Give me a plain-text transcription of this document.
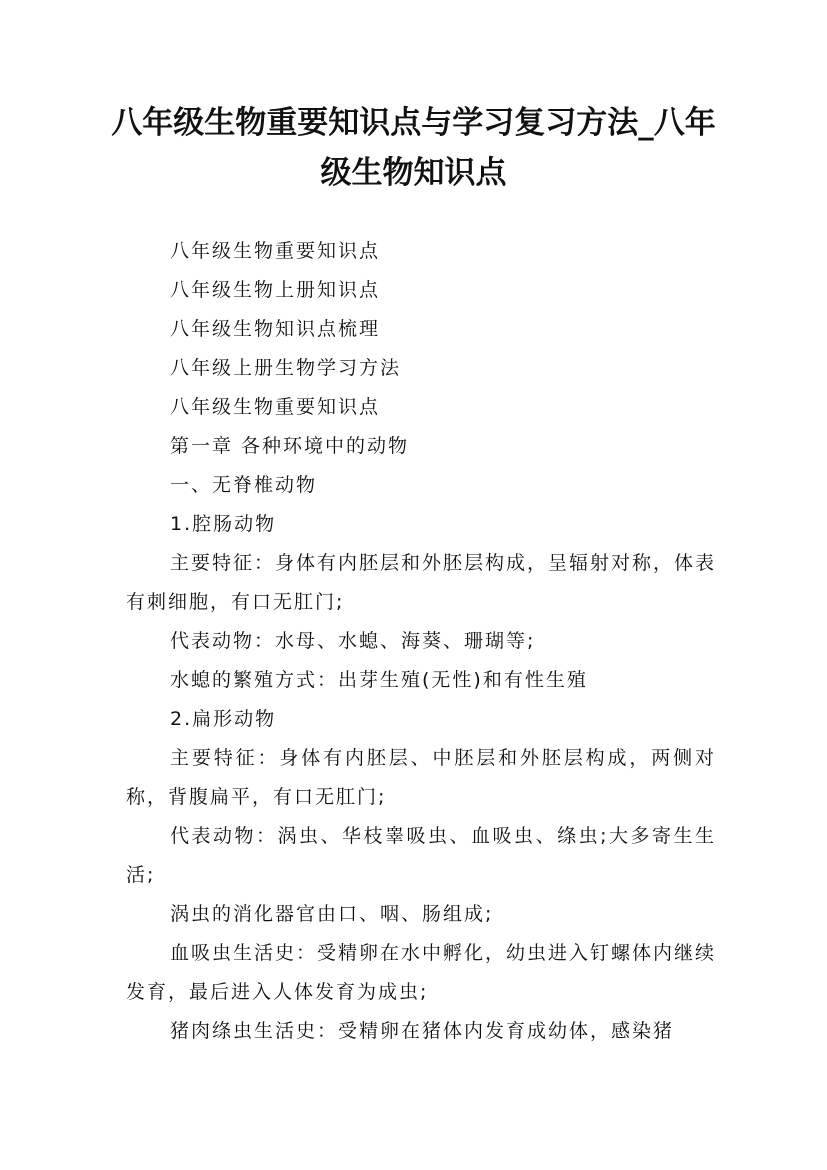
八年级生物重要知识点与学习复习方法_八年级生物知识点

八年级生物重要知识点

八年级生物上册知识点

八年级生物知识点梳理

八年级上册生物学习方法

八年级生物重要知识点

第一章 各种环境中的动物

一、无脊椎动物

1.腔肠动物

主要特征：身体有内胚层和外胚层构成，呈辐射对称，体表有刺细胞，有口无肛门;

代表动物：水母、水螅、海葵、珊瑚等;

水螅的繁殖方式：出芽生殖(无性)和有性生殖

2.扁形动物

主要特征：身体有内胚层、中胚层和外胚层构成，两侧对称，背腹扁平，有口无肛门;

代表动物：涡虫、华枝睾吸虫、血吸虫、绦虫;大多寄生生活;

涡虫的消化器官由口、咽、肠组成;

血吸虫生活史：受精卵在水中孵化，幼虫进入钉螺体内继续发育，最后进入人体发育为成虫;

猪肉绦虫生活史：受精卵在猪体内发育成幼体，感染猪
